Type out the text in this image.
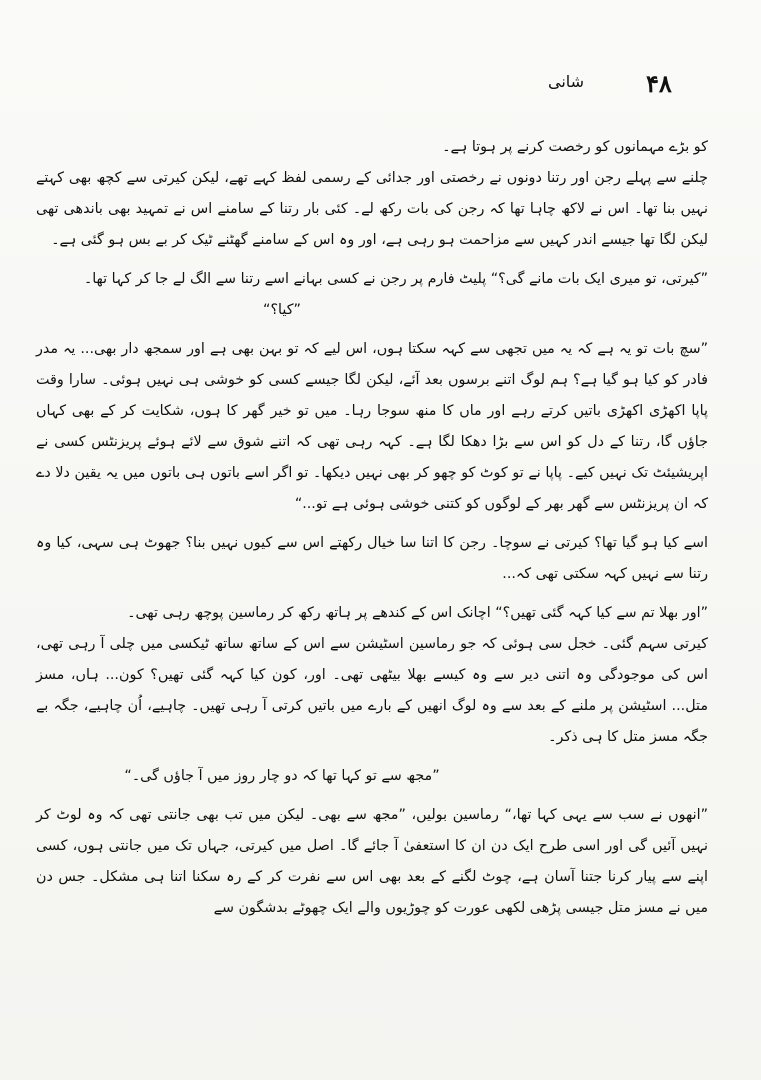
۴۸
شانی

کو بڑے مہمانوں کو رخصت کرنے پر ہوتا ہے۔

چلنے سے پہلے رجن اور رتنا دونوں نے رخصتی اور جدائی کے رسمی لفظ کہے تھے، لیکن کیرتی سے کچھ بھی کہتے نہیں بنا تھا۔ اس نے لاکھ چاہا تھا کہ رجن کی بات رکھ لے۔ کئی بار رتنا کے سامنے اس نے تمہید بھی باندھی تھی لیکن لگا تھا جیسے اندر کہیں سے مزاحمت ہو رہی ہے، اور وہ اس کے سامنے گھٹنے ٹیک کر بے بس ہو گئی ہے۔

”کیرتی، تو میری ایک بات مانے گی؟“ پلیٹ فارم پر رجن نے کسی بہانے اسے رتنا سے الگ لے جا کر کہا تھا۔

”کیا؟“

”سچ بات تو یہ ہے کہ یہ میں تجھی سے کہہ سکتا ہوں، اس لیے کہ تو بہن بھی ہے اور سمجھ دار بھی... یہ مدر فادر کو کیا ہو گیا ہے؟ ہم لوگ اتنے برسوں بعد آئے، لیکن لگا جیسے کسی کو خوشی ہی نہیں ہوئی۔ سارا وقت پاپا اکھڑی اکھڑی باتیں کرتے رہے اور ماں کا منھ سوجا رہا۔ میں تو خیر گھر کا ہوں، شکایت کر کے بھی کہاں جاؤں گا، رتنا کے دل کو اس سے بڑا دھکا لگا ہے۔ کہہ رہی تھی کہ اتنے شوق سے لائے ہوئے پریزنٹس کسی نے اپریشیئٹ تک نہیں کیے۔ پاپا نے تو کوٹ کو چھو کر بھی نہیں دیکھا۔ تو اگر اسے باتوں ہی باتوں میں یہ یقین دلا دے کہ ان پریزنٹس سے گھر بھر کے لوگوں کو کتنی خوشی ہوئی ہے تو...“

اسے کیا ہو گیا تھا؟ کیرتی نے سوچا۔ رجن کا اتنا سا خیال رکھتے اس سے کیوں نہیں بنا؟ جھوٹ ہی سہی، کیا وہ رتنا سے نہیں کہہ سکتی تھی کہ...

”اور بھلا تم سے کیا کہہ گئی تھیں؟“ اچانک اس کے کندھے پر ہاتھ رکھ کر رماسین پوچھ رہی تھی۔

کیرتی سہم گئی۔ خجل سی ہوئی کہ جو رماسین اسٹیشن سے اس کے ساتھ ساتھ ٹیکسی میں چلی آ رہی تھی، اس کی موجودگی وہ اتنی دیر سے وہ کیسے بھلا بیٹھی تھی۔ اور، کون کیا کہہ گئی تھیں؟ کون... ہاں، مسز متل... اسٹیشن پر ملنے کے بعد سے وہ لوگ انھیں کے بارے میں باتیں کرتی آ رہی تھیں۔ چاہیے، اُن چاہیے، جگہ بے جگہ مسز متل کا ہی ذکر۔

”مجھ سے تو کہا تھا کہ دو چار روز میں آ جاؤں گی۔“

”انھوں نے سب سے یہی کہا تھا،“ رماسین بولیں، ”مجھ سے بھی۔ لیکن میں تب بھی جانتی تھی کہ وہ لوٹ کر نہیں آئیں گی اور اسی طرح ایک دن ان کا استعفیٰ آ جائے گا۔ اصل میں کیرتی، جہاں تک میں جانتی ہوں، کسی اپنے سے پیار کرنا جتنا آسان ہے، چوٹ لگنے کے بعد بھی اس سے نفرت کر کے رہ سکنا اتنا ہی مشکل۔ جس دن میں نے مسز متل جیسی پڑھی لکھی عورت کو چوڑیوں والے ایک چھوٹے بدشگون سے
